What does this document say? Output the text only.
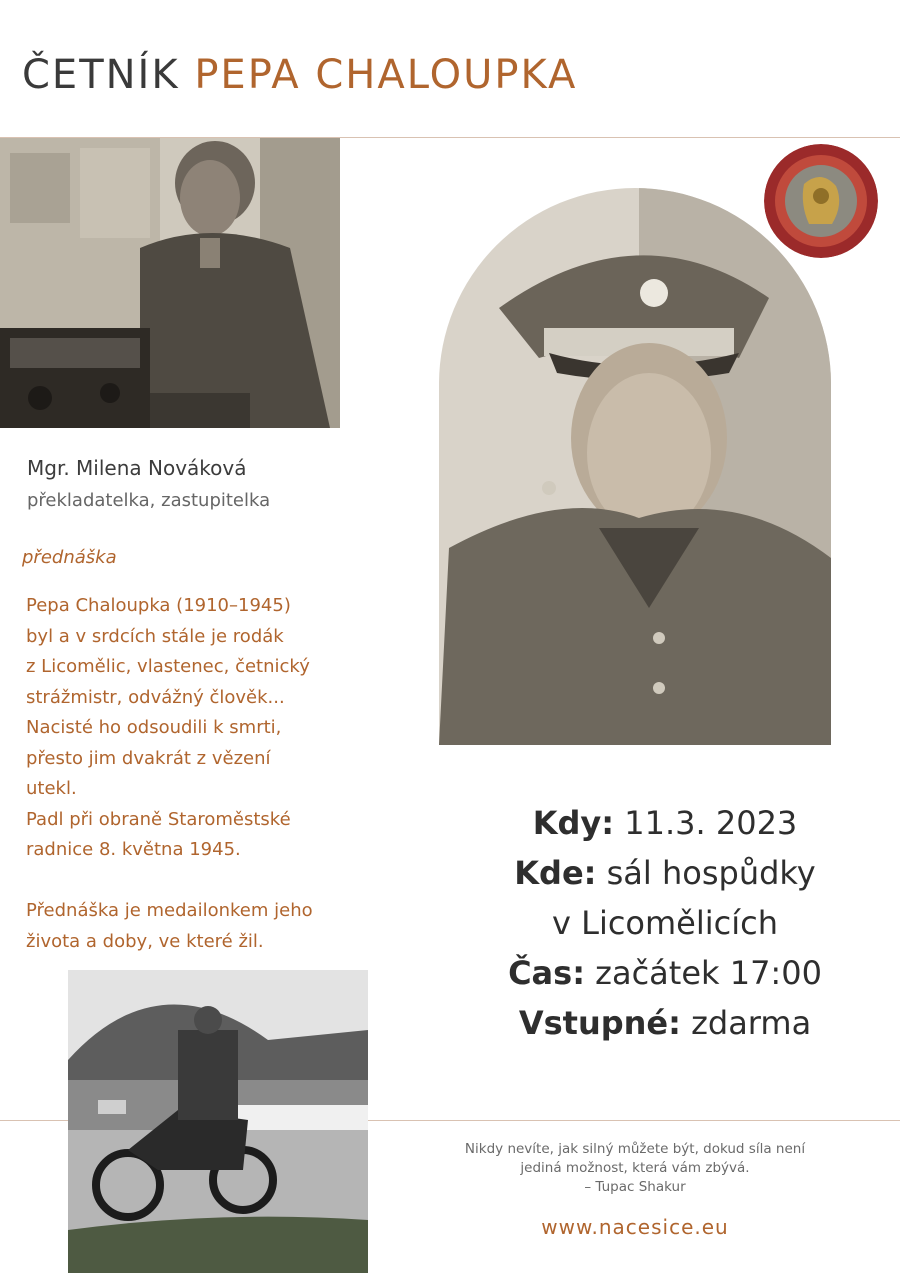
ČETNÍK PEPA CHALOUPKA
Mgr. Milena Nováková
překladatelka, zastupitelka
přednáška
Pepa Chaloupka (1910–1945)
byl a v srdcích stále je rodák
z Licomělic, vlastenec, četnický
strážmistr, odvážný člověk...
Nacisté ho odsoudili k smrti,
přesto jim dvakrát z vězení
utekl.
Padl při obraně Staroměstské
radnice 8. května 1945.
Přednáška je medailonkem jeho
života a doby, ve které žil.
Kdy: 11.3. 2023
Kde: sál hospůdky
v Licomělicích
Čas: začátek 17:00
Vstupné: zdarma
Nikdy nevíte, jak silný můžete být, dokud síla není
jediná možnost, která vám zbývá.
– Tupac Shakur
www.nacesice.eu
